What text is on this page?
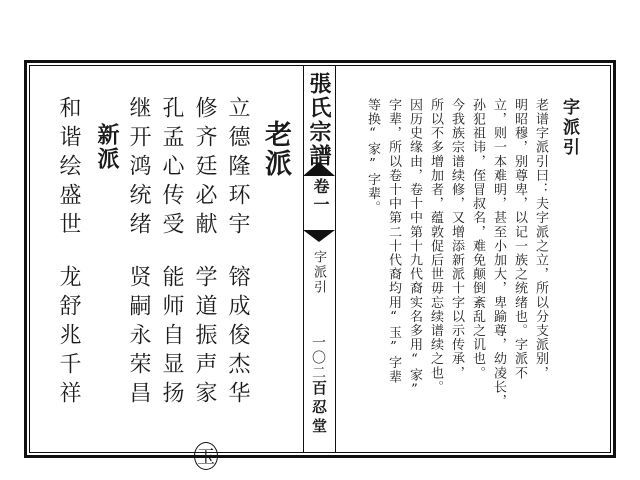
老派
立德隆环宇
镕成俊杰华
修齐廷必献
学道振声家 玉
孔孟心传受
能师自显扬
继开鸿统绪
贤嗣永荣昌
新派
和谐绘盛世
龙舒兆千祥
張氏宗譜
卷一
字派引
一〇二
百忍堂
字派引
老谱字派引曰：夫字派之立，所以分支派别，
明昭穆，别尊卑，以记一族之统绪也。字派不
立，则一本难明，甚至小加大，卑踰尊，幼凌长，
孙犯祖讳，侄冒叔名，难免颠倒紊乱之讥也。
今我族宗谱续修，又增添新派十字以示传承，
所以不多增加者，蕴敦促后世毋忘续谱续之也。
因历史缘由，卷十中第十九代裔实名多用“家”
字辈，所以卷十中第二十代裔均用“玉”字辈
等换“家”字辈。
